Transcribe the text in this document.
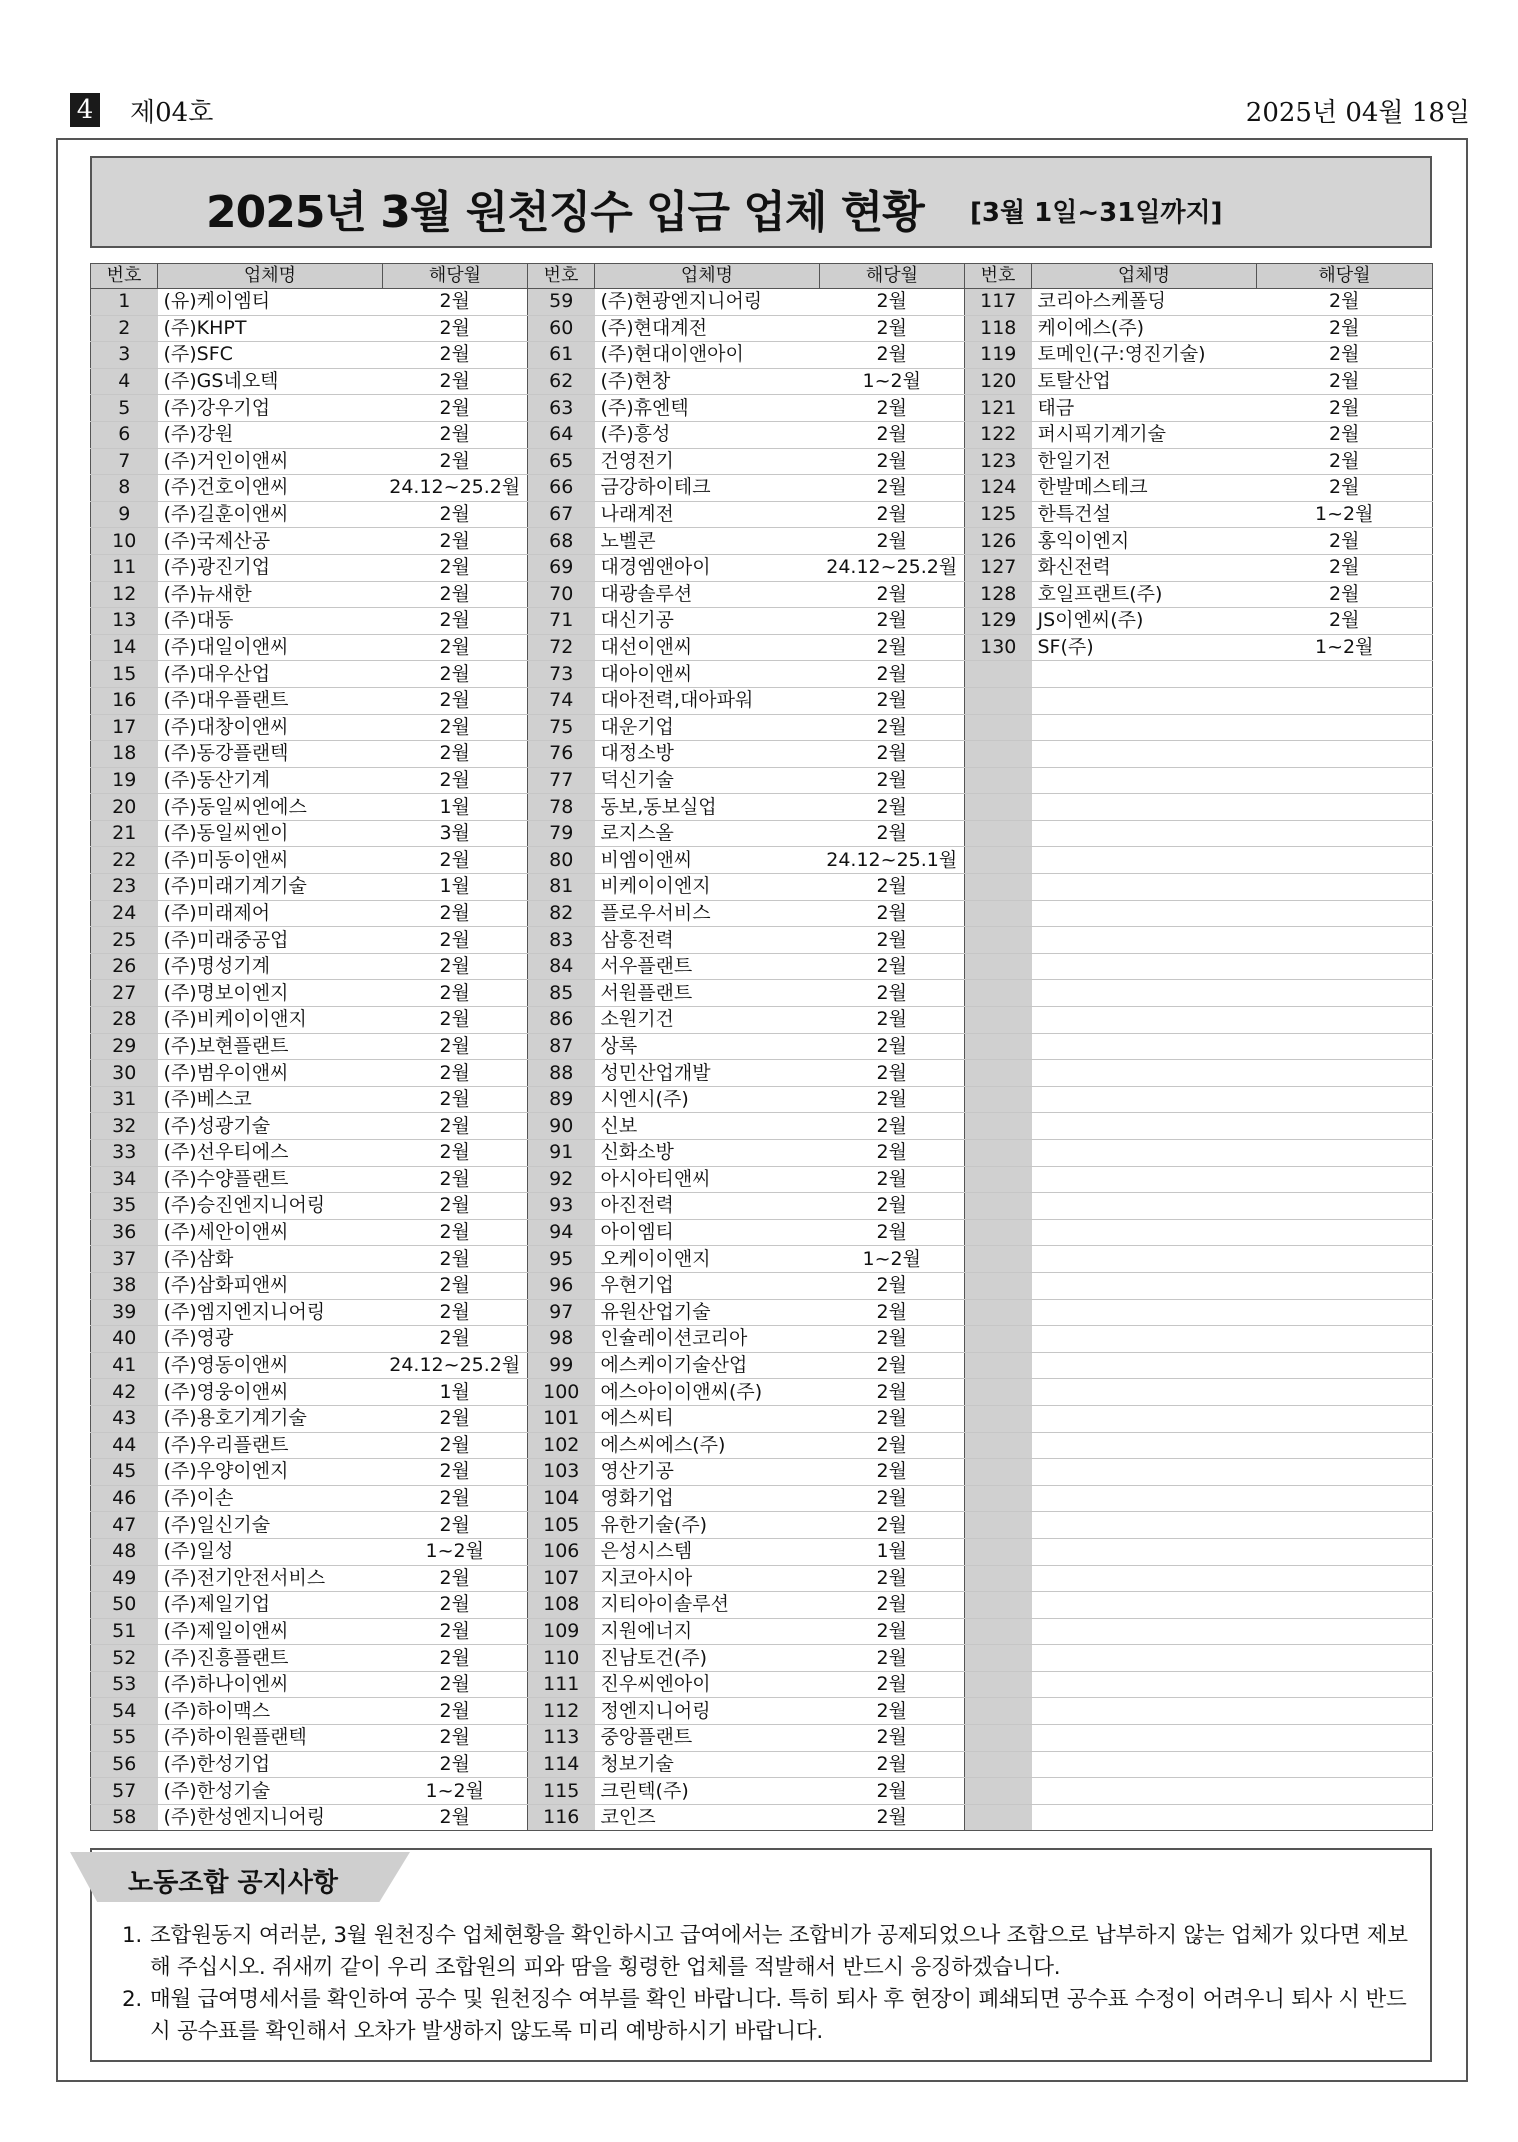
4 제04호	2025년 04월 18일
2025년 3월 원천징수 입금 업체 현황 [3월 1일~31일까지]
번호	업체명	해당월	번호	업체명	해당월	번호	업체명	해당월
1	(유)케이엠티	2월	59	(주)현광엔지니어링	2월	117	코리아스케폴딩	2월
2	(주)KHPT	2월	60	(주)현대계전	2월	118	케이에스(주)	2월
3	(주)SFC	2월	61	(주)현대이앤아이	2월	119	토메인(구:영진기술)	2월
4	(주)GS네오텍	2월	62	(주)현창	1~2월	120	토탈산업	2월
5	(주)강우기업	2월	63	(주)휴엔텍	2월	121	태금	2월
6	(주)강원	2월	64	(주)흥성	2월	122	퍼시픽기계기술	2월
7	(주)거인이앤씨	2월	65	건영전기	2월	123	한일기전	2월
8	(주)건호이앤씨	24.12~25.2월	66	금강하이테크	2월	124	한발메스테크	2월
9	(주)길훈이앤씨	2월	67	나래계전	2월	125	한특건설	1~2월
10	(주)국제산공	2월	68	노벨콘	2월	126	홍익이엔지	2월
11	(주)광진기업	2월	69	대경엠앤아이	24.12~25.2월	127	화신전력	2월
12	(주)뉴새한	2월	70	대광솔루션	2월	128	호일프랜트(주)	2월
13	(주)대동	2월	71	대신기공	2월	129	JS이엔씨(주)	2월
14	(주)대일이앤씨	2월	72	대선이앤씨	2월	130	SF(주)	1~2월
15	(주)대우산업	2월	73	대아이앤씨	2월			
16	(주)대우플랜트	2월	74	대아전력,대아파워	2월			
17	(주)대창이앤씨	2월	75	대운기업	2월			
18	(주)동강플랜텍	2월	76	대정소방	2월			
19	(주)동산기계	2월	77	덕신기술	2월			
20	(주)동일씨엔에스	1월	78	동보,동보실업	2월			
21	(주)동일씨엔이	3월	79	로지스올	2월			
22	(주)미동이앤씨	2월	80	비엠이앤씨	24.12~25.1월			
23	(주)미래기계기술	1월	81	비케이이엔지	2월			
24	(주)미래제어	2월	82	플로우서비스	2월			
25	(주)미래중공업	2월	83	삼흥전력	2월			
26	(주)명성기계	2월	84	서우플랜트	2월			
27	(주)명보이엔지	2월	85	서원플랜트	2월			
28	(주)비케이이앤지	2월	86	소원기건	2월			
29	(주)보현플랜트	2월	87	상록	2월			
30	(주)범우이앤씨	2월	88	성민산업개발	2월			
31	(주)베스코	2월	89	시엔시(주)	2월			
32	(주)성광기술	2월	90	신보	2월			
33	(주)선우티에스	2월	91	신화소방	2월			
34	(주)수양플랜트	2월	92	아시아티앤씨	2월			
35	(주)승진엔지니어링	2월	93	아진전력	2월			
36	(주)세안이앤씨	2월	94	아이엠티	2월			
37	(주)삼화	2월	95	오케이이앤지	1~2월			
38	(주)삼화피앤씨	2월	96	우현기업	2월			
39	(주)엠지엔지니어링	2월	97	유원산업기술	2월			
40	(주)영광	2월	98	인슐레이션코리아	2월			
41	(주)영동이앤씨	24.12~25.2월	99	에스케이기술산업	2월			
42	(주)영웅이앤씨	1월	100	에스아이이앤씨(주)	2월			
43	(주)용호기계기술	2월	101	에스씨티	2월			
44	(주)우리플랜트	2월	102	에스씨에스(주)	2월			
45	(주)우양이엔지	2월	103	영산기공	2월			
46	(주)이손	2월	104	영화기업	2월			
47	(주)일신기술	2월	105	유한기술(주)	2월			
48	(주)일성	1~2월	106	은성시스템	1월			
49	(주)전기안전서비스	2월	107	지코아시아	2월			
50	(주)제일기업	2월	108	지티아이솔루션	2월			
51	(주)제일이앤씨	2월	109	지원에너지	2월			
52	(주)진흥플랜트	2월	110	진남토건(주)	2월			
53	(주)하나이엔씨	2월	111	진우씨엔아이	2월			
54	(주)하이맥스	2월	112	정엔지니어링	2월			
55	(주)하이원플랜텍	2월	113	중앙플랜트	2월			
56	(주)한성기업	2월	114	청보기술	2월			
57	(주)한성기술	1~2월	115	크린텍(주)	2월			
58	(주)한성엔지니어링	2월	116	코인즈	2월			
노동조합 공지사항
1. 조합원동지 여러분, 3월 원천징수 업체현황을 확인하시고 급여에서는 조합비가 공제되었으나 조합으로 납부하지 않는 업체가 있다면 제보해 주십시오. 쥐새끼 같이 우리 조합원의 피와 땀을 횡령한 업체를 적발해서 반드시 응징하겠습니다.
2. 매월 급여명세서를 확인하여 공수 및 원천징수 여부를 확인 바랍니다. 특히 퇴사 후 현장이 폐쇄되면 공수표 수정이 어려우니 퇴사 시 반드시 공수표를 확인해서 오차가 발생하지 않도록 미리 예방하시기 바랍니다.
